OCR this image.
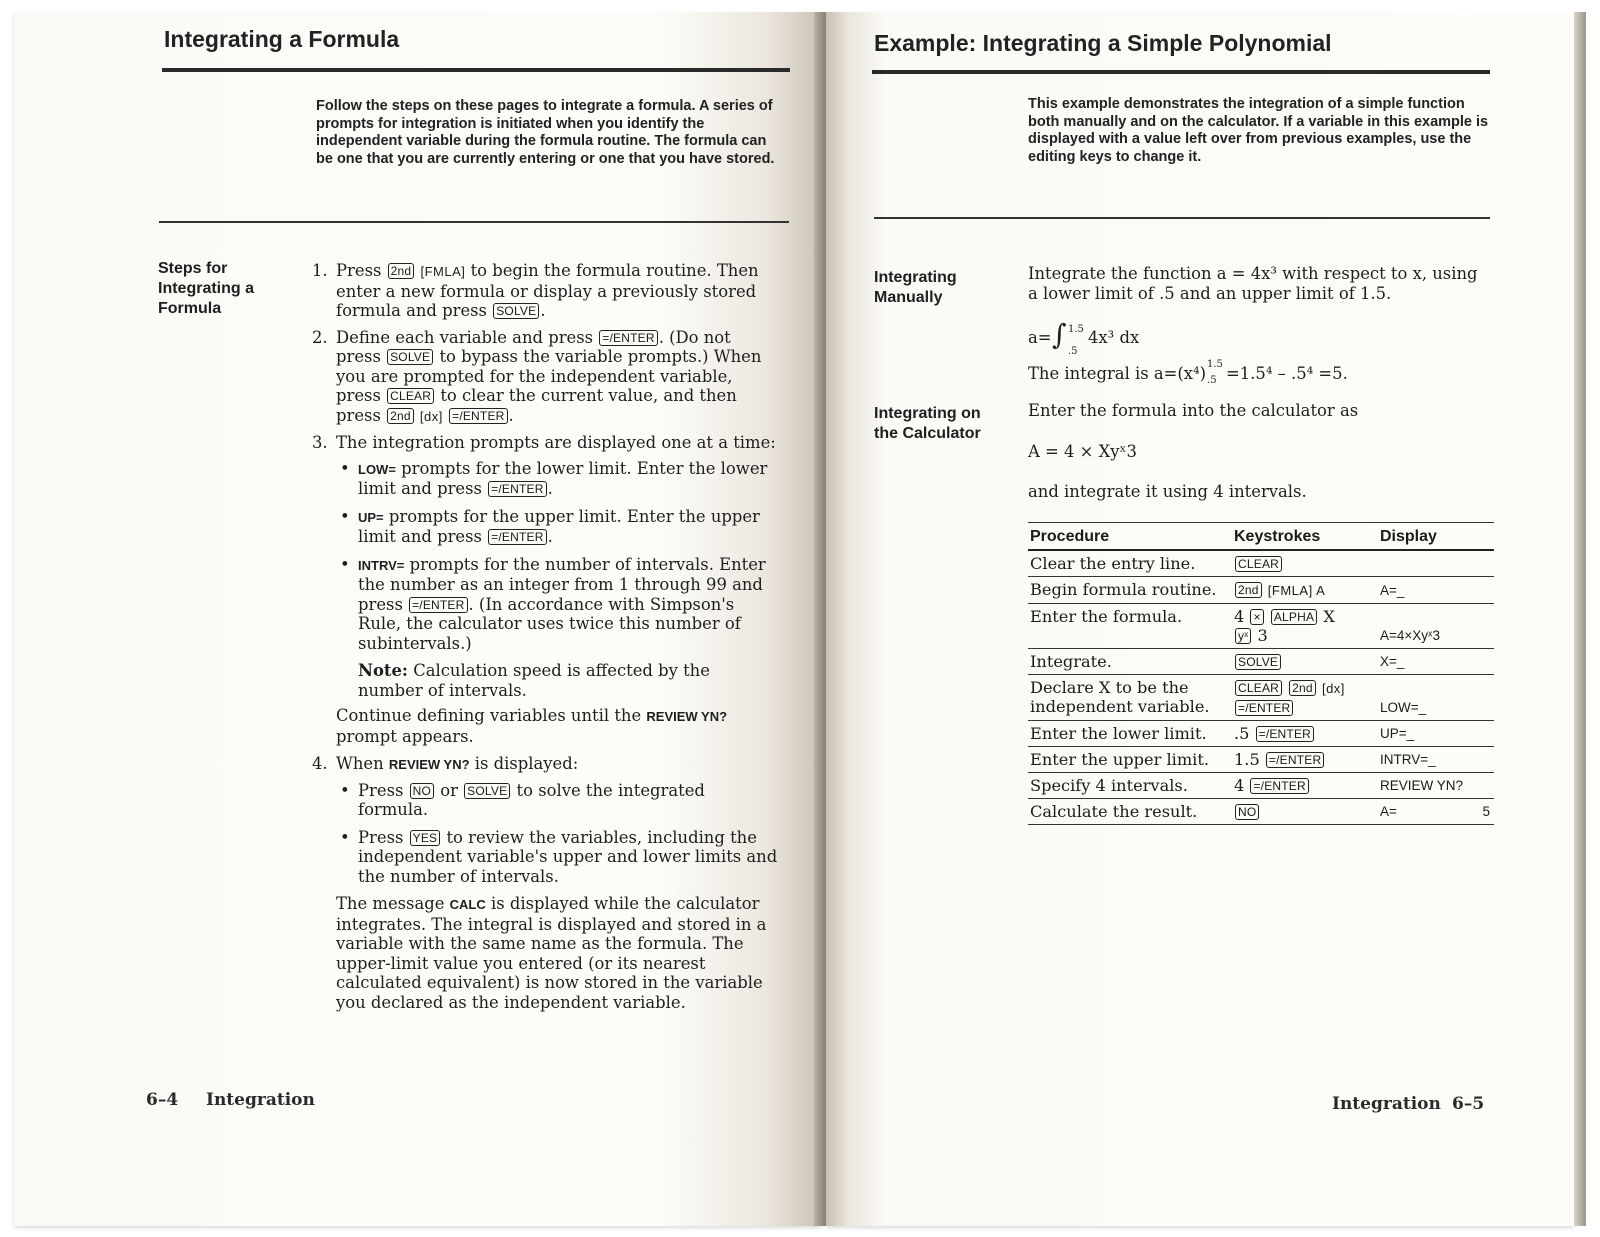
Integrating a Formula
Follow the steps on these pages to integrate a formula. A series of prompts for integration is initiated when you identify the independent variable during the formula routine. The formula can be one that you are currently entering or one that you have stored.
Steps for Integrating a Formula
1. Press 2nd [FMLA] to begin the formula routine. Then enter a new formula or display a previously stored formula and press SOLVE .
2. Define each variable and press =/ENTER . (Do not press SOLVE to bypass the variable prompts.) When you are prompted for the independent variable, press CLEAR to clear the current value, and then press 2nd [dx] =/ENTER .
3. The integration prompts are displayed one at a time:
• LOW= prompts for the lower limit. Enter the lower limit and press =/ENTER .
• UP= prompts for the upper limit. Enter the upper limit and press =/ENTER .
• INTRV= prompts for the number of intervals. Enter the number as an integer from 1 through 99 and press =/ENTER . (In accordance with Simpson's Rule, the calculator uses twice this number of subintervals.)
Note: Calculation speed is affected by the number of intervals.
Continue defining variables until the REVIEW YN? prompt appears.
4. When REVIEW YN? is displayed:
• Press NO or SOLVE to solve the integrated formula.
• Press YES to review the variables, including the independent variable's upper and lower limits and the number of intervals.
The message CALC is displayed while the calculator integrates. The integral is displayed and stored in a variable with the same name as the formula. The upper-limit value you entered (or its nearest calculated equivalent) is now stored in the variable you declared as the independent variable.
6–4 Integration
Example: Integrating a Simple Polynomial
This example demonstrates the integration of a simple function both manually and on the calculator. If a variable in this example is displayed with a value left over from previous examples, use the editing keys to change it.
Integrating Manually
Integrate the function a = 4x³ with respect to x, using a lower limit of .5 and an upper limit of 1.5.
a= ∫ 1.5
.5
4x³ dx
The integral is a=(x⁴) 1.5
.5 =1.5⁴ – .5⁴ =5.
Integrating on the Calculator
Enter the formula into the calculator as
A = 4 × Xyˣ3
and integrate it using 4 intervals.
Procedure	Keystrokes	Display
Clear the entry line.	CLEAR	
Begin formula routine.	2nd [FMLA] A	A=_
Enter the formula.	4 × ALPHA X
yˣ 3	A=4×Xyˣ3
Integrate.	SOLVE	X=_
Declare X to be the independent variable.	CLEAR 2nd [dx]
=/ENTER	LOW=_
Enter the lower limit.	.5 =/ENTER	UP=_
Enter the upper limit.	1.5 =/ENTER	INTRV=_
Specify 4 intervals.	4 =/ENTER	REVIEW YN?
Calculate the result.	NO	A= 5
Integration 6–5
